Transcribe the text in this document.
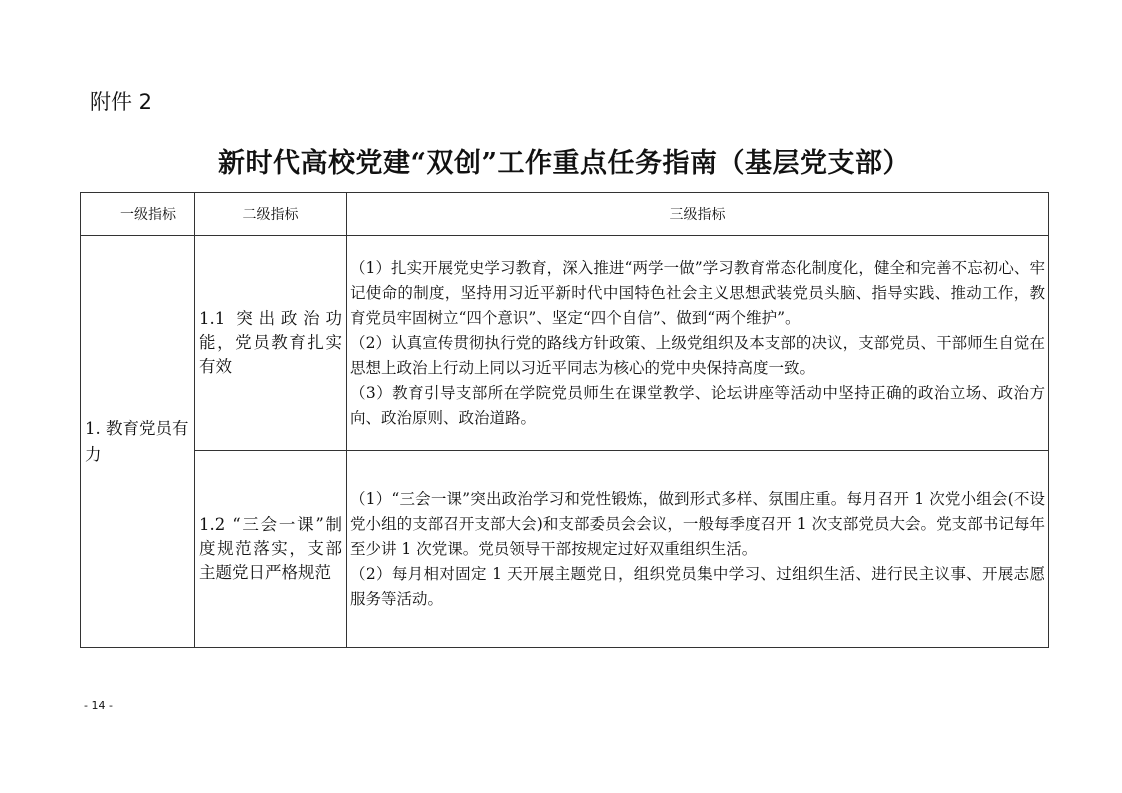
附件 2
新时代高校党建“双创”工作重点任务指南（基层党支部）
一级指标	二级指标	三级指标
1. 教育党员有力	1.1 突出政治功能，党员教育扎实有效	（1）扎实开展党史学习教育，深入推进“两学一做”学习教育常态化制度化，健全和完善不忘初心、牢记使命的制度，坚持用习近平新时代中国特色社会主义思想武装党员头脑、指导实践、推动工作，教育党员牢固树立“四个意识”、坚定“四个自信”、做到“两个维护”。
（2）认真宣传贯彻执行党的路线方针政策、上级党组织及本支部的决议，支部党员、干部师生自觉在思想上政治上行动上同以习近平同志为核心的党中央保持高度一致。
（3）教育引导支部所在学院党员师生在课堂教学、论坛讲座等活动中坚持正确的政治立场、政治方向、政治原则、政治道路。

	1.2 “三会一课”制度规范落实，支部主题党日严格规范	（1）“三会一课”突出政治学习和党性锻炼，做到形式多样、氛围庄重。每月召开 1 次党小组会(不设党小组的支部召开支部大会)和支部委员会会议，一般每季度召开 1 次支部党员大会。党支部书记每年至少讲 1 次党课。党员领导干部按规定过好双重组织生活。
（2）每月相对固定 1 天开展主题党日，组织党员集中学习、过组织生活、进行民主议事、开展志愿服务等活动。
- 14 -
